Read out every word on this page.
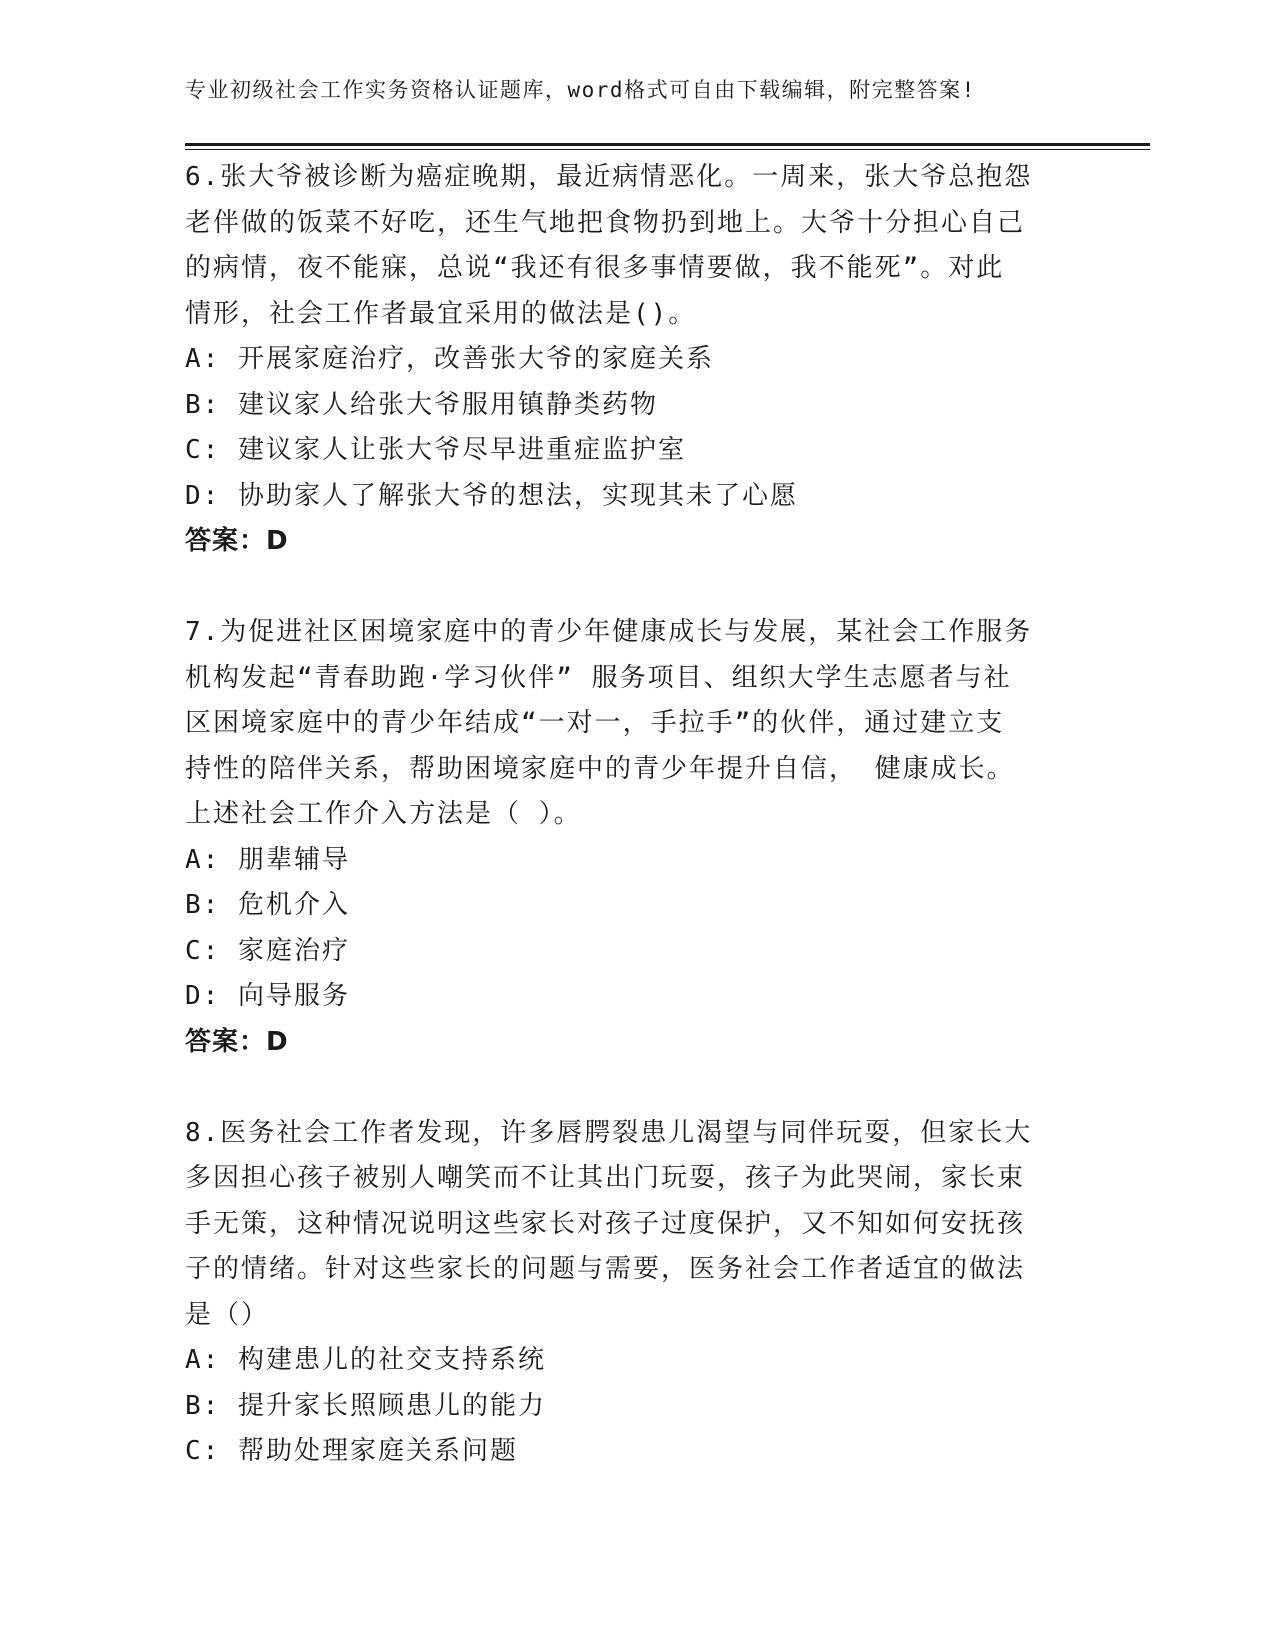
专业初级社会工作实务资格认证题库，word格式可自由下载编辑，附完整答案!
6.张大爷被诊断为癌症晚期，最近病情恶化。一周来，张大爷总抱怨
老伴做的饭菜不好吃，还生气地把食物扔到地上。大爷十分担心自己
的病情，夜不能寐，总说“我还有很多事情要做，我不能死”。对此
情形，社会工作者最宜采用的做法是()。
A: 开展家庭治疗，改善张大爷的家庭关系
B: 建议家人给张大爷服用镇静类药物
C: 建议家人让张大爷尽早进重症监护室
D: 协助家人了解张大爷的想法，实现其未了心愿
答案：D
7.为促进社区困境家庭中的青少年健康成长与发展，某社会工作服务
机构发起“青春助跑·学习伙伴” 服务项目、组织大学生志愿者与社
区困境家庭中的青少年结成“一对一，手拉手”的伙伴，通过建立支
持性的陪伴关系，帮助困境家庭中的青少年提升自信， 健康成长。
上述社会工作介入方法是（ ）。
A: 朋辈辅导
B: 危机介入
C: 家庭治疗
D: 向导服务
答案：D
8.医务社会工作者发现，许多唇腭裂患儿渴望与同伴玩耍，但家长大
多因担心孩子被别人嘲笑而不让其出门玩耍，孩子为此哭闹，家长束
手无策，这种情况说明这些家长对孩子过度保护，又不知如何安抚孩
子的情绪。针对这些家长的问题与需要，医务社会工作者适宜的做法
是（）
A: 构建患儿的社交支持系统
B: 提升家长照顾患儿的能力
C: 帮助处理家庭关系问题
